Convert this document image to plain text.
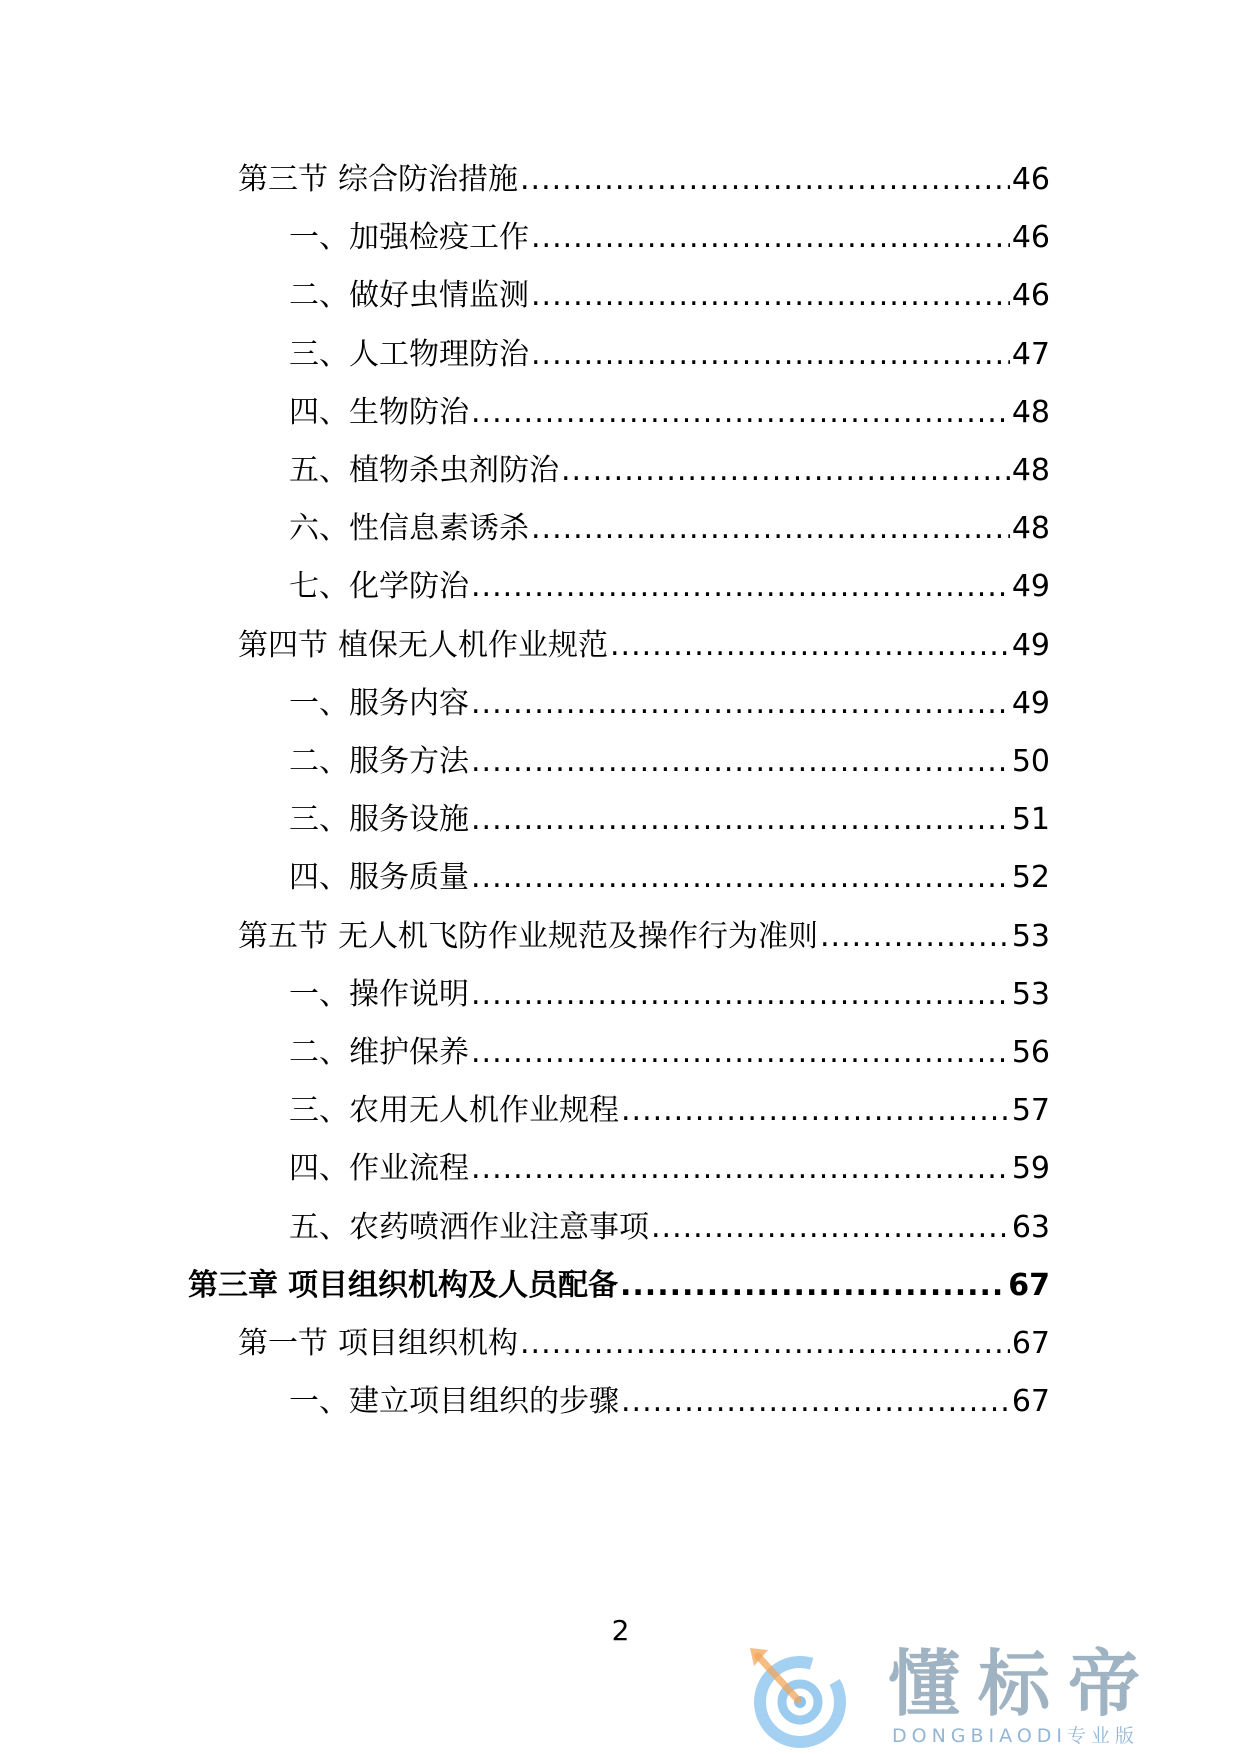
第三节 综合防治措施 .....	46
一、 加强检疫工作 .....	46
二、 做好虫情监测 .....	46
三、 人工物理防治 .....	47
四、 生物防治 .....	48
五、 植物杀虫剂防治 .....	48
六、 性信息素诱杀 .....	48
七、 化学防治 .....	49
第四节 植保无人机作业规范 .....	49
一、 服务内容 .....	49
二、 服务方法 .....	50
三、 服务设施 .....	51
四、 服务质量 .....	52
第五节 无人机飞防作业规范及操作行为准则 .....	53
一、 操作说明 .....	53
二、 维护保养 .....	56
三、 农用无人机作业规程 .....	57
四、 作业流程 .....	59
五、 农药喷洒作业注意事项 .....	63
第三章 项目组织机构及人员配备 .....	67
第一节 项目组织机构 .....	67
一、 建立项目组织的步骤 .....	67
2
懂标帝
DONGBIAODI专业版
